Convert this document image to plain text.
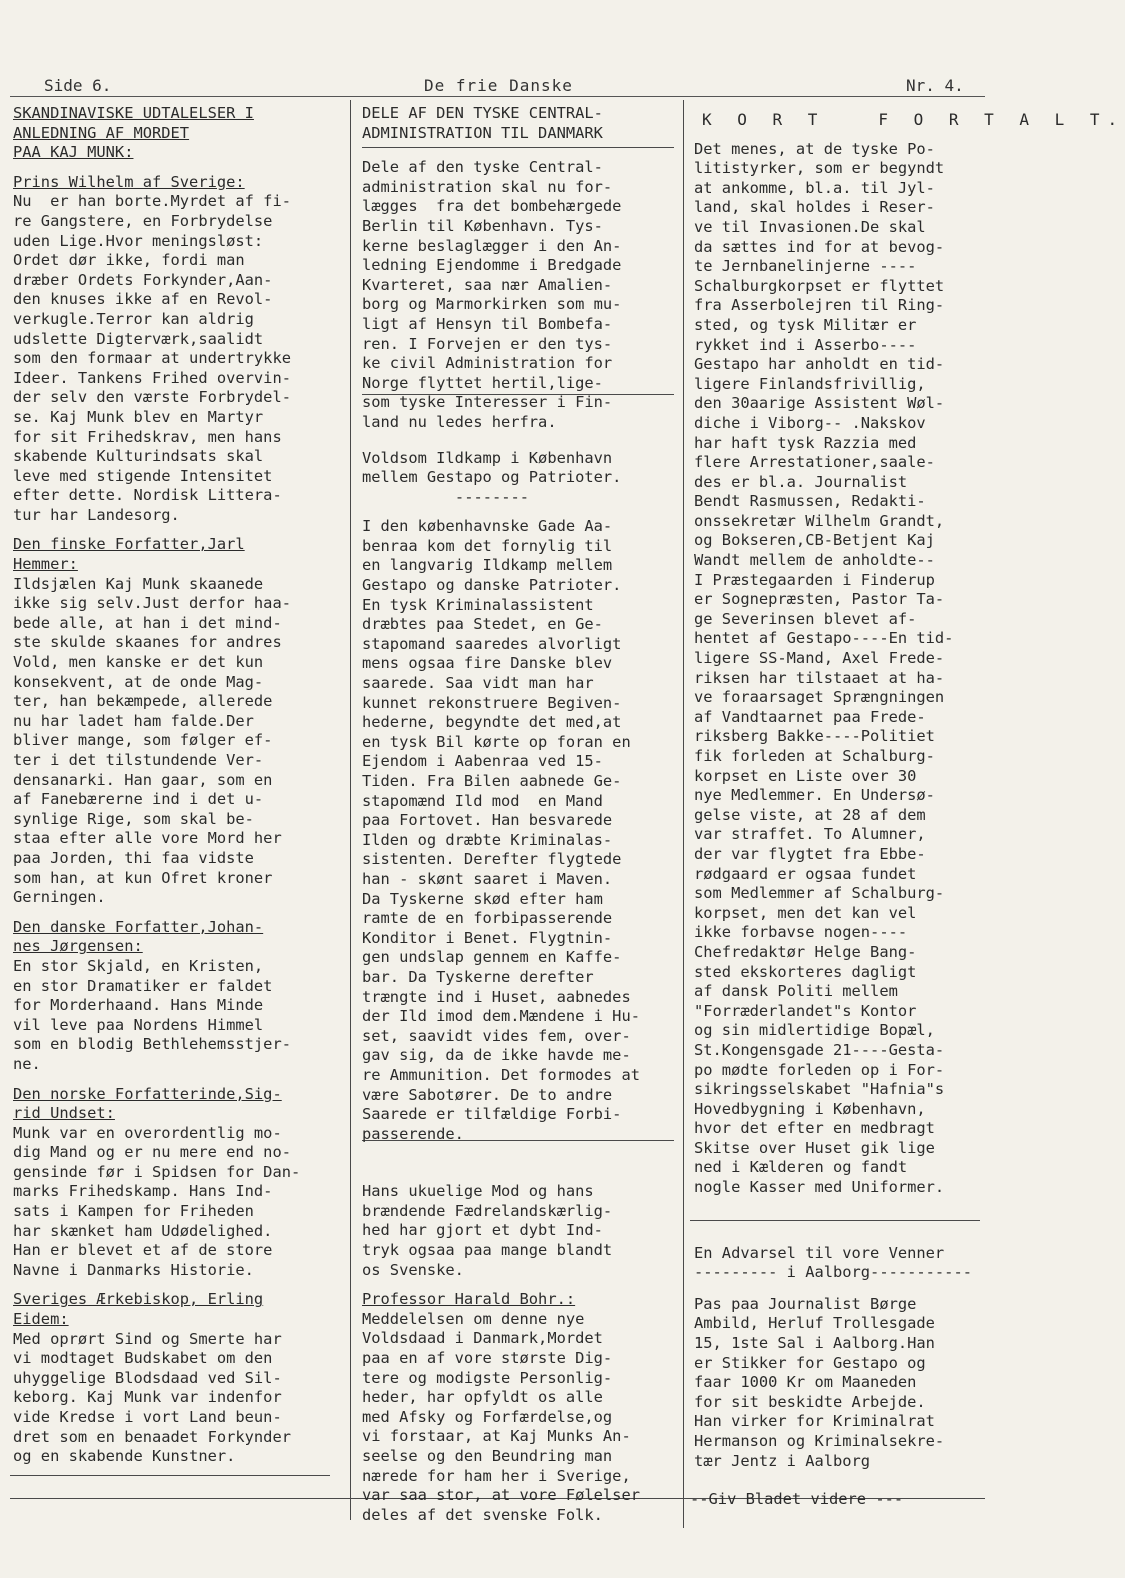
Side 6.	De frie Danske	Nr. 4.
SKANDINAVISKE UDTALELSER I
ANLEDNING AF MORDET
PAA KAJ MUNK:
Prins Wilhelm af Sverige:
Nu  er han borte.Myrdet af fi-
re Gangstere, en Forbrydelse
uden Lige.Hvor meningsløst:
Ordet dør ikke, fordi man
dræber Ordets Forkynder,Aan-
den knuses ikke af en Revol-
verkugle.Terror kan aldrig
udslette Digterværk,saalidt
som den formaar at undertrykke
Ideer. Tankens Frihed overvin-
der selv den værste Forbrydel-
se. Kaj Munk blev en Martyr
for sit Frihedskrav, men hans
skabende Kulturindsats skal
leve med stigende Intensitet
efter dette. Nordisk Littera-
tur har Landesorg.
Den finske Forfatter,Jarl
Hemmer:
Ildsjælen Kaj Munk skaanede
ikke sig selv.Just derfor haa-
bede alle, at han i det mind-
ste skulde skaanes for andres
Vold, men kanske er det kun
konsekvent, at de onde Mag-
ter, han bekæmpede, allerede
nu har ladet ham falde.Der
bliver mange, som følger ef-
ter i det tilstundende Ver-
densanarki. Han gaar, som en
af Fanebærerne ind i det u-
synlige Rige, som skal be-
staa efter alle vore Mord her
paa Jorden, thi faa vidste
som han, at kun Ofret kroner
Gerningen.
Den danske Forfatter,Johan-
nes Jørgensen:
En stor Skjald, en Kristen,
en stor Dramatiker er faldet
for Morderhaand. Hans Minde
vil leve paa Nordens Himmel
som en blodig Bethlehemsstjer-
ne.
Den norske Forfatterinde,Sig-
rid Undset:
Munk var en overordentlig mo-
dig Mand og er nu mere end no-
gensinde før i Spidsen for Dan-
marks Frihedskamp. Hans Ind-
sats i Kampen for Friheden
har skænket ham Udødelighed.
Han er blevet et af de store
Navne i Danmarks Historie.
Sveriges Ærkebiskop, Erling
Eidem:
Med oprørt Sind og Smerte har
vi modtaget Budskabet om den
uhyggelige Blodsdaad ved Sil-
keborg. Kaj Munk var indenfor
vide Kredse i vort Land beun-
dret som en benaadet Forkynder
og en skabende Kunstner.
DELE AF DEN TYSKE CENTRAL-
ADMINISTRATION TIL DANMARK
Dele af den tyske Central-
administration skal nu for-
lægges  fra det bombehærgede
Berlin til København. Tys-
kerne beslaglægger i den An-
ledning Ejendomme i Bredgade
Kvarteret, saa nær Amalien-
borg og Marmorkirken som mu-
ligt af Hensyn til Bombefa-
ren. I Forvejen er den tys-
ke civil Administration for
Norge flyttet hertil,lige-
som tyske Interesser i Fin-
land nu ledes herfra.
Voldsom Ildkamp i København
mellem Gestapo og Patrioter.
--------
I den københavnske Gade Aa-
benraa kom det fornylig til
en langvarig Ildkamp mellem
Gestapo og danske Patrioter.
En tysk Kriminalassistent
dræbtes paa Stedet, en Ge-
stapomand saaredes alvorligt
mens ogsaa fire Danske blev
saarede. Saa vidt man har
kunnet rekonstruere Begiven-
hederne, begyndte det med,at
en tysk Bil kørte op foran en
Ejendom i Aabenraa ved 15-
Tiden. Fra Bilen aabnede Ge-
stapomænd Ild mod  en Mand
paa Fortovet. Han besvarede
Ilden og dræbte Kriminalas-
sistenten. Derefter flygtede
han - skønt saaret i Maven.
Da Tyskerne skød efter ham
ramte de en forbipasserende
Konditor i Benet. Flygtnin-
gen undslap gennem en Kaffe-
bar. Da Tyskerne derefter
trængte ind i Huset, aabnedes
der Ild imod dem.Mændene i Hu-
set, saavidt vides fem, over-
gav sig, da de ikke havde me-
re Ammunition. Det formodes at
være Sabotører. De to andre
Saarede er tilfældige Forbi-
passerende.
Hans ukuelige Mod og hans
brændende Fædrelandskærlig-
hed har gjort et dybt Ind-
tryk ogsaa paa mange blandt
os Svenske.
Professor Harald Bohr.:
Meddelelsen om denne nye
Voldsdaad i Danmark,Mordet
paa en af vore største Dig-
tere og modigste Personlig-
heder, har opfyldt os alle
med Afsky og Forfærdelse,og
vi forstaar, at Kaj Munks An-
seelse og den Beundring man
nærede for ham her i Sverige,
var saa stor, at vore Følelser
deles af det svenske Folk.
K O R T   F O R T A L T.
Det menes, at de tyske Po-
litistyrker, som er begyndt
at ankomme, bl.a. til Jyl-
land, skal holdes i Reser-
ve til Invasionen.De skal
da sættes ind for at bevog-
te Jernbanelinjerne ----
Schalburgkorpset er flyttet
fra Asserbolejren til Ring-
sted, og tysk Militær er
rykket ind i Asserbo----
Gestapo har anholdt en tid-
ligere Finlandsfrivillig,
den 30aarige Assistent Wøl-
diche i Viborg-- .Nakskov
har haft tysk Razzia med
flere Arrestationer,saale-
des er bl.a. Journalist
Bendt Rasmussen, Redakti-
onssekretær Wilhelm Grandt,
og Bokseren,CB-Betjent Kaj
Wandt mellem de anholdte--
I Præstegaarden i Finderup
er Sognepræsten, Pastor Ta-
ge Severinsen blevet af-
hentet af Gestapo----En tid-
ligere SS-Mand, Axel Frede-
riksen har tilstaaet at ha-
ve foraarsaget Sprængningen
af Vandtaarnet paa Frede-
riksberg Bakke----Politiet
fik forleden at Schalburg-
korpset en Liste over 30
nye Medlemmer. En Undersø-
gelse viste, at 28 af dem
var straffet. To Alumner,
der var flygtet fra Ebbe-
rødgaard er ogsaa fundet
som Medlemmer af Schalburg-
korpset, men det kan vel
ikke forbavse nogen----
Chefredaktør Helge Bang-
sted ekskorteres dagligt
af dansk Politi mellem
"Forræderlandet"s Kontor
og sin midlertidige Bopæl,
St.Kongensgade 21----Gesta-
po mødte forleden op i For-
sikringsselskabet "Hafnia"s
Hovedbygning i København,
hvor det efter en medbragt
Skitse over Huset gik lige
ned i Kælderen og fandt
nogle Kasser med Uniformer.
En Advarsel til vore Venner
--------- i Aalborg-----------
Pas paa Journalist Børge
Ambild, Herluf Trollesgade
15, 1ste Sal i Aalborg.Han
er Stikker for Gestapo og
faar 1000 Kr om Maaneden
for sit beskidte Arbejde.
Han virker for Kriminalrat
Hermanson og Kriminalsekre-
tær Jentz i Aalborg
--Giv Bladet videre ---
